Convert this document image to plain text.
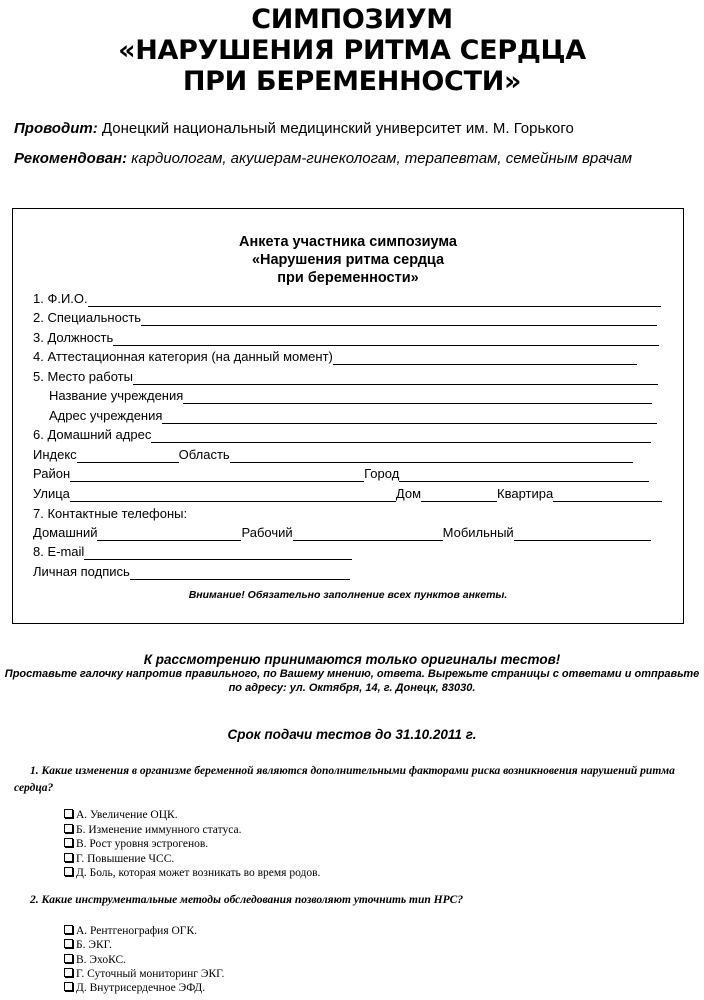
СИМПОЗИУМ
«НАРУШЕНИЯ РИТМА СЕРДЦА
ПРИ БЕРЕМЕННОСТИ»
Проводит: Донецкий национальный медицинский университет им. М. Горького
Рекомендован: кардиологам, акушерам-гинекологам, терапевтам, семейным врачам
Анкета участника симпозиума
«Нарушения ритма сердца
при беременности»
1. Ф.И.О.
2. Специальность
3. Должность
4. Аттестационная категория (на данный момент)
5. Место работы
Название учреждения
Адрес учреждения
6. Домашний адрес
Индекс	Область
Район	Город
Улица	Дом	Квартира
7. Контактные телефоны:
Домашний	Рабочий	Мобильный
8. E-mail
Личная подпись
Внимание! Обязательно заполнение всех пунктов анкеты.
К рассмотрению принимаются только оригиналы тестов!
Проставьте галочку напротив правильного, по Вашему мнению, ответа. Вырежьте страницы с ответами и отправьте
по адресу: ул. Октября, 14, г. Донецк, 83030.
Срок подачи тестов до 31.10.2011 г.
1. Какие изменения в организме беременной являются дополнительными факторами риска возникновения нарушений ритма сердца?
А. Увеличение ОЦК.
Б. Изменение иммунного статуса.
В. Рост уровня эстрогенов.
Г. Повышение ЧСС.
Д. Боль, которая может возникать во время родов.
2. Какие инструментальные методы обследования позволяют уточнить тип НРС?
А. Рентгенография ОГК.
Б. ЭКГ.
В. ЭхоКС.
Г. Суточный мониторинг ЭКГ.
Д. Внутрисердечное ЭФД.
